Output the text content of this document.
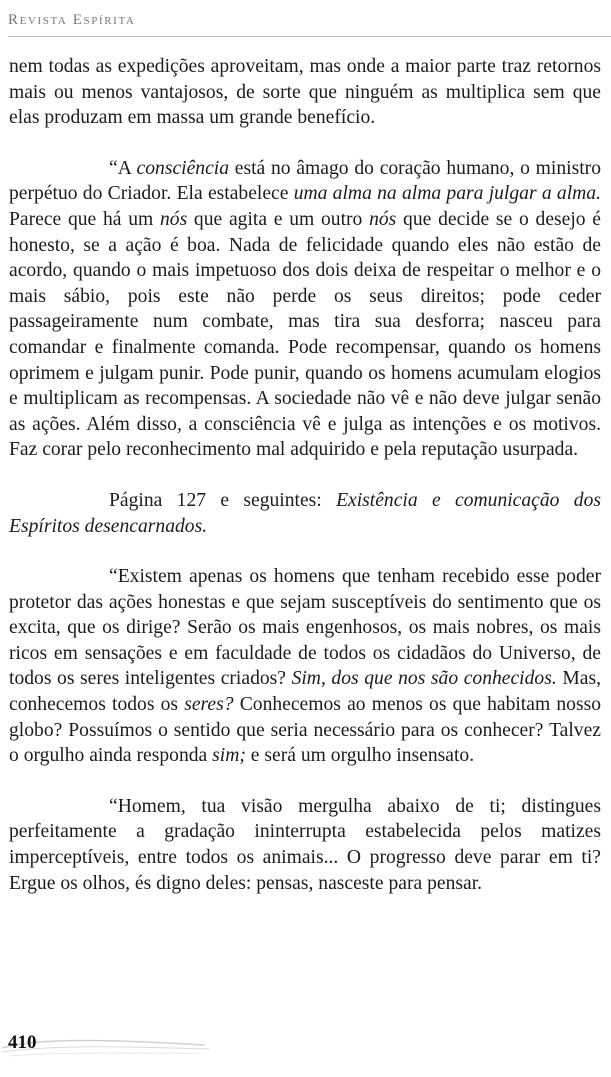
Revista Espírita

nem todas as expedições aproveitam, mas onde a maior parte traz retornos mais ou menos vantajosos, de sorte que ninguém as multiplica sem que elas produzam em massa um grande benefício.

“A consciência está no âmago do coração humano, o ministro perpétuo do Criador. Ela estabelece uma alma na alma para julgar a alma. Parece que há um nós que agita e um outro nós que decide se o desejo é honesto, se a ação é boa. Nada de felicidade quando eles não estão de acordo, quando o mais impetuoso dos dois deixa de respeitar o melhor e o mais sábio, pois este não perde os seus direitos; pode ceder passageiramente num combate, mas tira sua desforra; nasceu para comandar e finalmente comanda. Pode recompensar, quando os homens oprimem e julgam punir. Pode punir, quando os homens acumulam elogios e multiplicam as recompensas. A sociedade não vê e não deve julgar senão as ações. Além disso, a consciência vê e julga as intenções e os motivos. Faz corar pelo reconhecimento mal adquirido e pela reputação usurpada.

Página 127 e seguintes: Existência e comunicação dos Espíritos desencarnados.

“Existem apenas os homens que tenham recebido esse poder protetor das ações honestas e que sejam susceptíveis do sentimento que os excita, que os dirige? Serão os mais engenhosos, os mais nobres, os mais ricos em sensações e em faculdade de todos os cidadãos do Universo, de todos os seres inteligentes criados? Sim, dos que nos são conhecidos. Mas, conhecemos todos os seres? Conhecemos ao menos os que habitam nosso globo? Possuímos o sentido que seria necessário para os conhecer? Talvez o orgulho ainda responda sim; e será um orgulho insensato.

“Homem, tua visão mergulha abaixo de ti; distingues perfeitamente a gradação ininterrupta estabelecida pelos matizes imperceptíveis, entre todos os animais... O progresso deve parar em ti? Ergue os olhos, és digno deles: pensas, nasceste para pensar.

410
